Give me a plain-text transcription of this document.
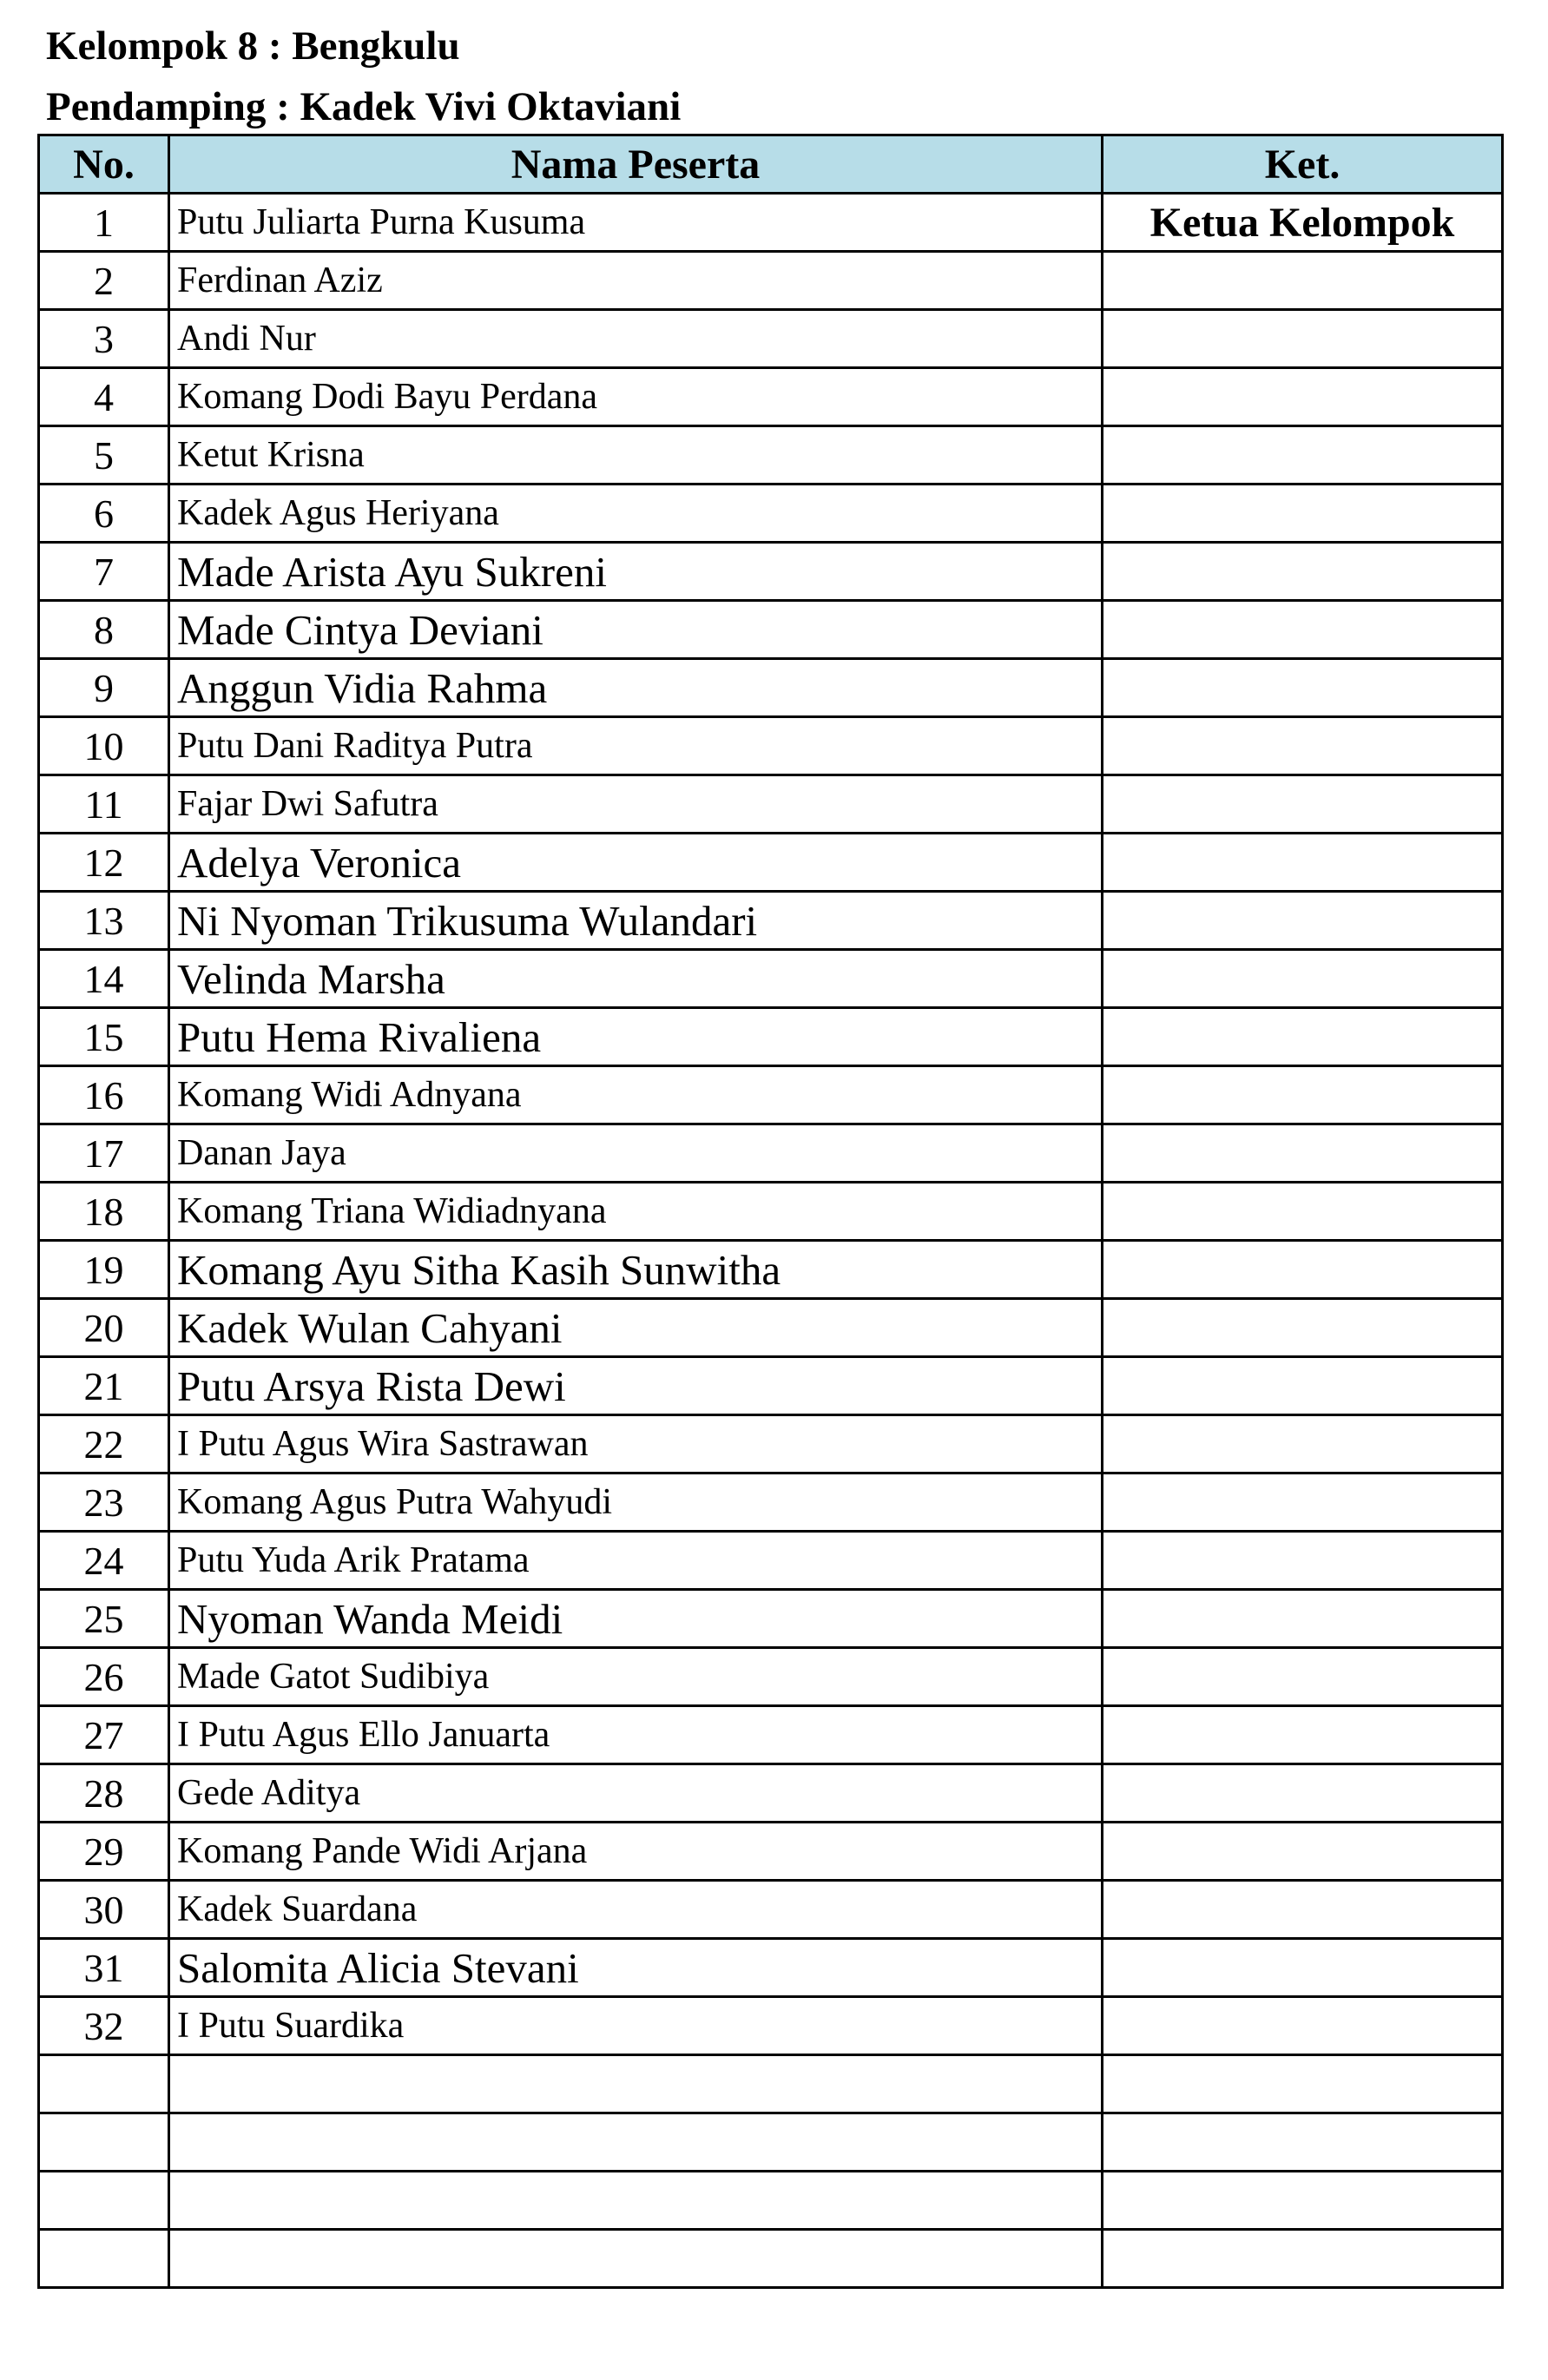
Kelompok 8 : Bengkulu
Pendamping : Kadek Vivi Oktaviani
No.	Nama Peserta	Ket.
1	Putu Juliarta Purna Kusuma	Ketua Kelompok
2	Ferdinan Aziz	
3	Andi Nur	
4	Komang Dodi Bayu Perdana	
5	Ketut Krisna	
6	Kadek Agus Heriyana	
7	Made Arista Ayu Sukreni	
8	Made Cintya Deviani	
9	Anggun Vidia Rahma	
10	Putu Dani Raditya Putra	
11	Fajar Dwi Safutra	
12	Adelya Veronica	
13	Ni Nyoman Trikusuma Wulandari	
14	Velinda Marsha	
15	Putu Hema Rivaliena	
16	Komang Widi Adnyana	
17	Danan Jaya	
18	Komang Triana Widiadnyana	
19	Komang Ayu Sitha Kasih Sunwitha	
20	Kadek Wulan Cahyani	
21	Putu Arsya Rista Dewi	
22	I Putu Agus Wira Sastrawan	
23	Komang Agus Putra Wahyudi	
24	Putu Yuda Arik Pratama	
25	Nyoman Wanda Meidi	
26	Made Gatot Sudibiya	
27	I Putu Agus Ello Januarta	
28	Gede Aditya	
29	Komang Pande Widi Arjana	
30	Kadek Suardana	
31	Salomita Alicia Stevani	
32	I Putu Suardika	
